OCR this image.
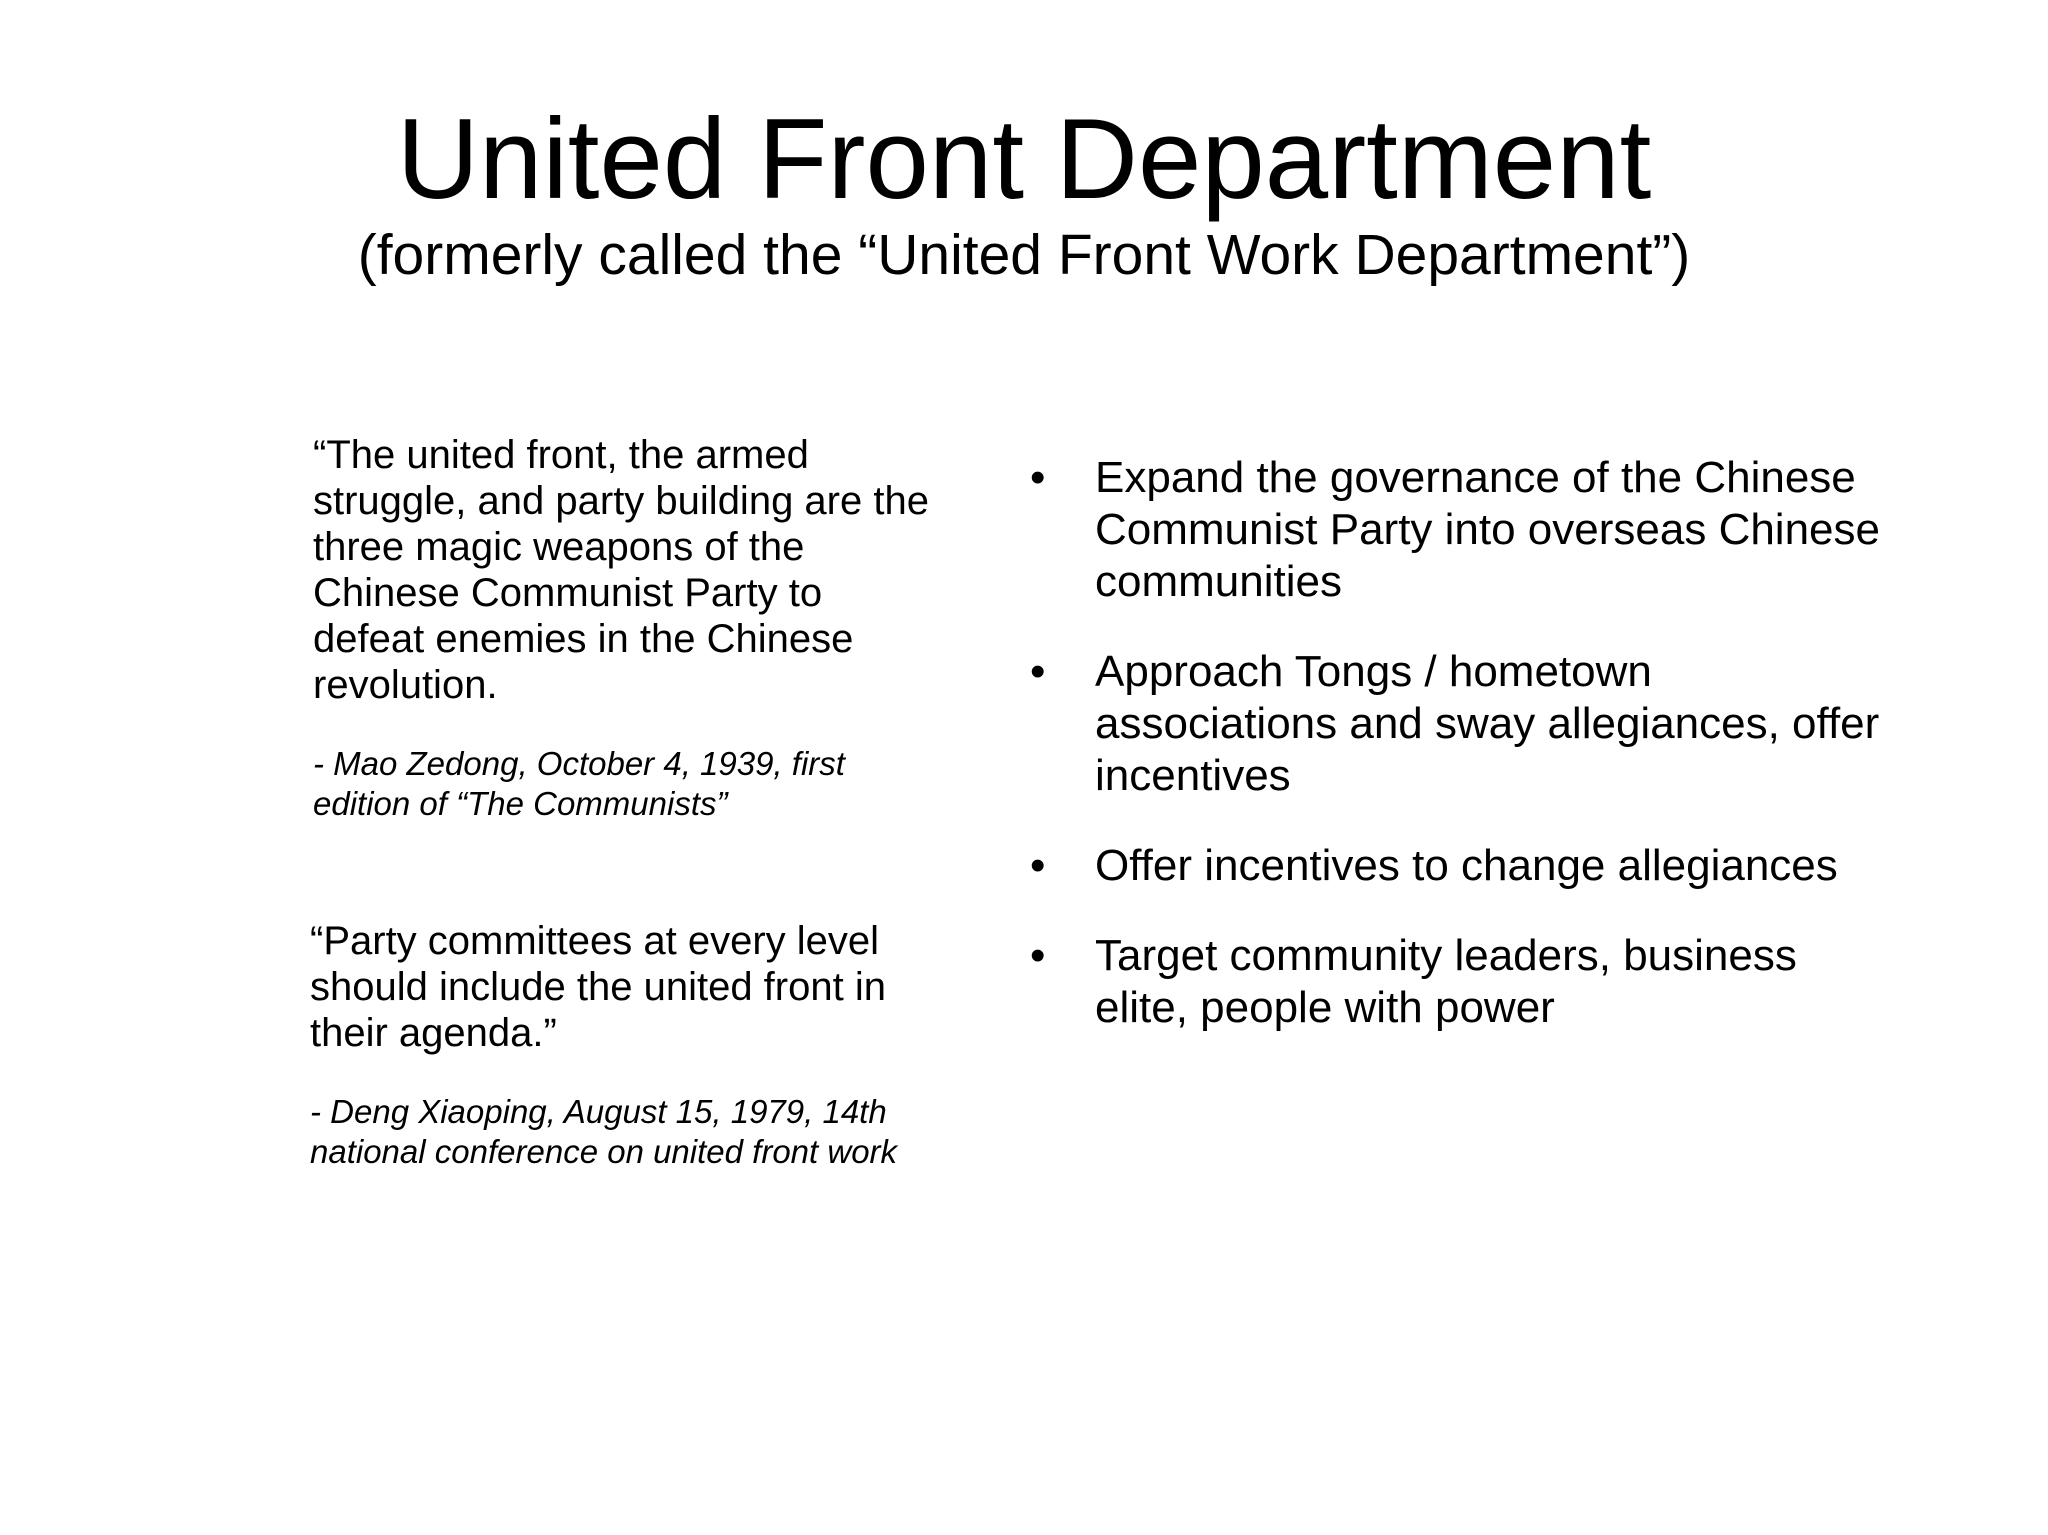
United Front Department
(formerly called the “United Front Work Department”)

“The united front, the armed struggle, and party building are the three magic weapons of the Chinese Communist Party to defeat enemies in the Chinese revolution.

- Mao Zedong, October 4, 1939, first edition of “The Communists”

“Party committees at every level should include the united front in their agenda.”

- Deng Xiaoping, August 15, 1979, 14th national conference on united front work

•	Expand the governance of the Chinese Communist Party into overseas Chinese communities
•	Approach Tongs / hometown associations and sway allegiances, offer incentives
•	Offer incentives to change allegiances
•	Target community leaders, business elite, people with power
